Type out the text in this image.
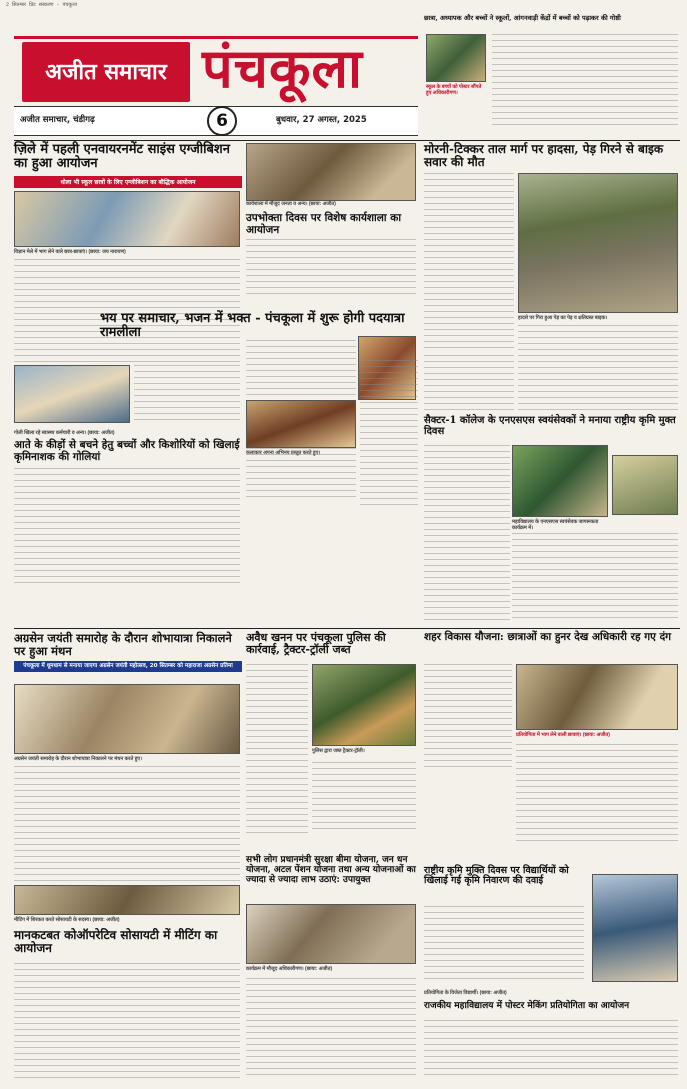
2 सितम्बर प्रिंट संस्करण - पंचकूला
अजीत समाचार पंचकूला
अजीत समाचार, चंडीगढ़	6	बुधवार, 27 अगस्त, 2025
छात्रा, अध्यापक और बच्चों ने स्कूलों, आंगनवाड़ी केंद्रों में बच्चों को पढ़ाकर की गोष्ठी
स्कूल के बच्चों को पोस्टर सौंपते हुए अधिकारीगण।
ज़िले में पहली एनवायरनमेंट साइंस एग्जीबिशन का हुआ आयोजन
धोला भी स्कूल छात्रों के लिए एग्जीबिशन का बौद्धिक आयोजन
विज्ञान मेले में भाग लेने वाले छात्र-छात्राएं। (छाया: जय नारायण)
कार्यशाला में मौजूद जनता व अन्य। (छाया: अजीत)
उपभोक्ता दिवस पर विशेष कार्यशाला का आयोजन
मोरनी-टिक्कर ताल मार्ग पर हादसा, पेड़ गिरने से बाइक सवार की मौत
हादसे पर गिरा हुआ पेड़ का पेड़ व क्षतिग्रस्त बाइक।
भय पर समाचार, भजन में भक्त - पंचकूला में शुरू होगी पदयात्रा रामलीला
कलाकार अपना अभिनय प्रस्तुत करते हुए।
गोली खिला रहे स्वास्थ्य कर्मचारी व अन्य। (छाया: अजीत)
आते के कीड़ों से बचने हेतु बच्चों और किशोरियों को खिलाई कृमिनाशक की गोलियां
सैक्टर-1 कॉलेज के एनएसएस स्वयंसेवकों ने मनाया राष्ट्रीय कृमि मुक्त दिवस
महाविद्यालय के एनएसएस स्वयंसेवक जागरूकता कार्यक्रम में।
अग्रसेन जयंती समारोह के दौरान शोभायात्रा निकालने पर हुआ मंथन
पंचकूला में धूमधाम से मनाया जाएगा अग्रसेन जयंती महोत्सव, 20 सितम्बर को महाराजा अग्रसेन प्रतिमा
अग्रसेन जयंती समारोह के दौरान शोभायात्रा निकालने पर मंथन करते हुए।
अवैध खनन पर पंचकूला पुलिस की कार्रवाई, ट्रैक्टर-ट्रॉली जब्त
पुलिस द्वारा जब्त ट्रैक्टर-ट्रॉली।
शहर विकास यौजना: छात्राओं का हुनर देख अधिकारी रह गए दंग
प्रतियोगिता में भाग लेने वाली छात्राएं। (छाया: अजीत)
सभी लोग प्रधानमंत्री सुरक्षा बीमा योजना, जन धन योजना, अटल पेंशन योजना तथा अन्य योजनाओं का ज्यादा से ज्यादा लाभ उठाएं: उपायुक्त
कार्यक्रम में मौजूद अधिकारीगण। (छाया: अजीत)
राष्ट्रीय कृमि मुक्ति दिवस पर विद्यार्थियों को खिलाई गई कृमि निवारण की दवाई
मीटिंग में शिरकत करते सोसायटी के सदस्य। (छाया: अजीत)
मानकटबत कोऑपरेटिव सोसायटी में मीटिंग का आयोजन
प्रतियोगिता के विजेता विद्यार्थी। (छाया: अजीत)
राजकीय महाविद्यालय में पोस्टर मेकिंग प्रतियोगिता का आयोजन
